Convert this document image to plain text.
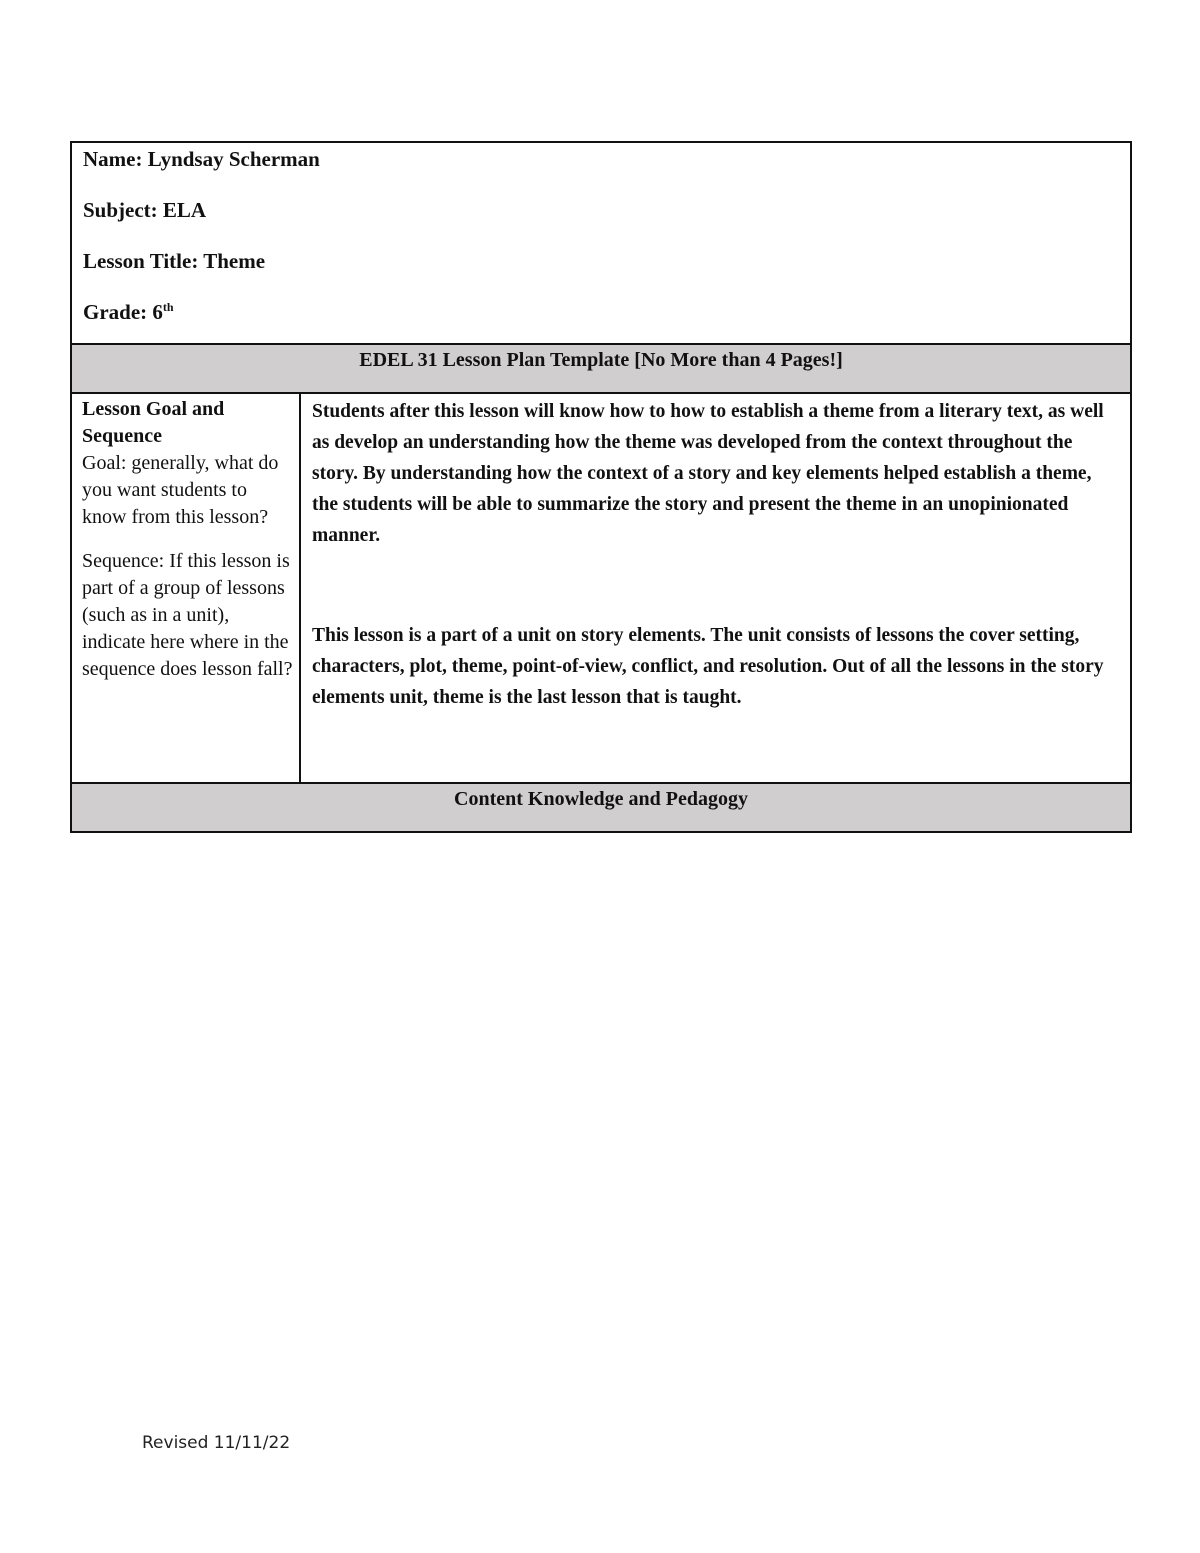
Name: Lyndsay Scherman
Subject: ELA
Lesson Title: Theme
Grade: 6th

EDEL 31 Lesson Plan Template [No More than 4 Pages!]

Lesson Goal and Sequence

Goal: generally, what do you want students to know from this lesson?

Sequence: If this lesson is part of a group of lessons (such as in a unit), indicate here where in the sequence does lesson fall?

Students after this lesson will know how to how to establish a theme from a literary text, as well as develop an understanding how the theme was developed from the context throughout the story. By understanding how the context of a story and key elements helped establish a theme, the students will be able to summarize the story and present the theme in an unopinionated manner.

This lesson is a part of a unit on story elements. The unit consists of lessons the cover setting, characters, plot, theme, point-of-view, conflict, and resolution. Out of all the lessons in the story elements unit, theme is the last lesson that is taught.

Content Knowledge and Pedagogy
Revised 11/11/22
